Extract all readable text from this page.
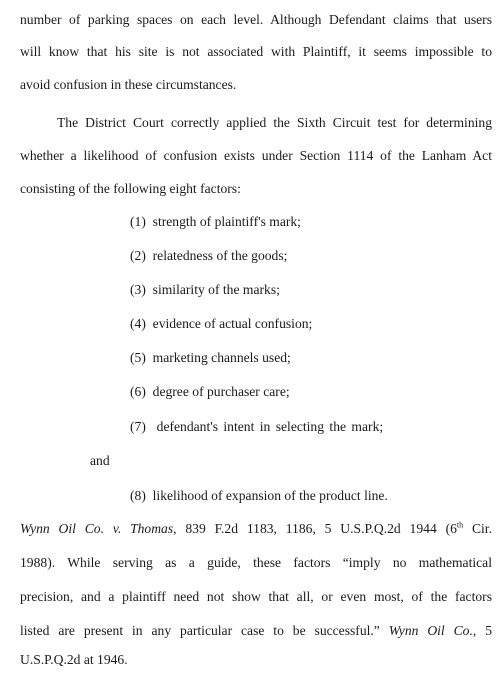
number of parking spaces on each level. Although Defendant claims that users
will know that his site is not associated with Plaintiff, it seems impossible to
avoid confusion in these circumstances.
The District Court correctly applied the Sixth Circuit test for determining
whether a likelihood of confusion exists under Section 1114 of the Lanham Act
consisting of the following eight factors:
(1) strength of plaintiff's mark;
(2) relatedness of the goods;
(3) similarity of the marks;
(4) evidence of actual confusion;
(5) marketing channels used;
(6) degree of purchaser care;
(7)  defendant's intent in selecting the mark;
and
(8) likelihood of expansion of the product line.
Wynn Oil Co. v. Thomas, 839 F.2d 1183, 1186, 5 U.S.P.Q.2d 1944 (6th Cir.
1988). While serving as a guide, these factors “imply no mathematical
precision, and a plaintiff need not show that all, or even most, of the factors
listed are present in any particular case to be successful.” Wynn Oil Co., 5
U.S.P.Q.2d at 1946.
